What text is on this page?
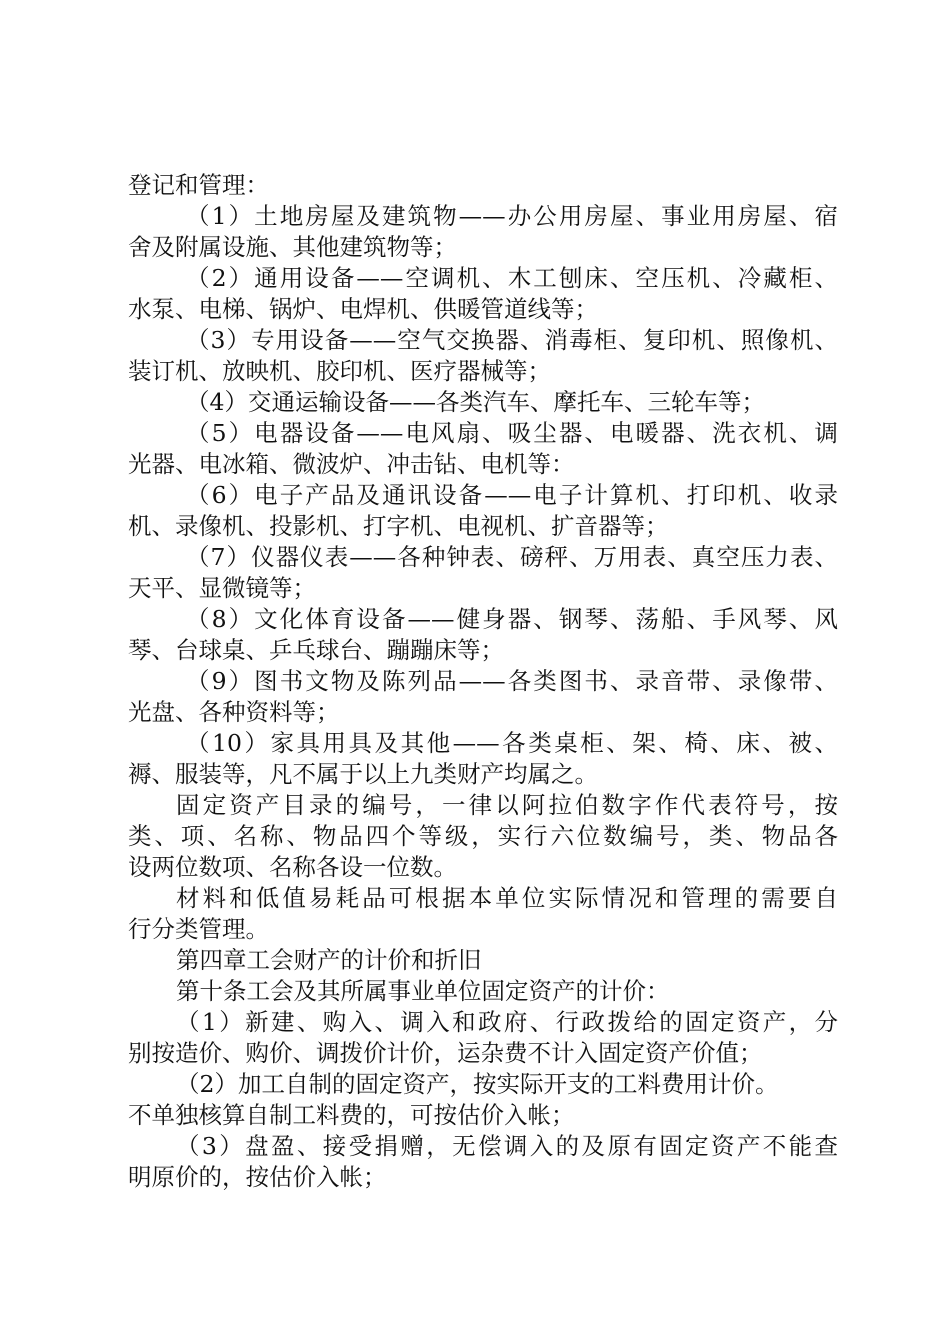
登记和管理：
（1）土地房屋及建筑物——办公用房屋、事业用房屋、宿
舍及附属设施、其他建筑物等；
（2）通用设备——空调机、木工刨床、空压机、冷藏柜、
水泵、电梯、锅炉、电焊机、供暖管道线等；
（3）专用设备——空气交换器、消毒柜、复印机、照像机、
装订机、放映机、胶印机、医疗器械等；
（4）交通运输设备——各类汽车、摩托车、三轮车等；
（5）电器设备——电风扇、吸尘器、电暖器、洗衣机、调
光器、电冰箱、微波炉、冲击钻、电机等：
（6）电子产品及通讯设备——电子计算机、打印机、收录
机、录像机、投影机、打字机、电视机、扩音器等；
（7）仪器仪表——各种钟表、磅秤、万用表、真空压力表、
天平、显微镜等；
（8）文化体育设备——健身器、钢琴、荡船、手风琴、风
琴、台球桌、乒乓球台、蹦蹦床等；
（9）图书文物及陈列品——各类图书、录音带、录像带、
光盘、各种资料等；
（10）家具用具及其他——各类桌柜、架、椅、床、被、
褥、服装等，凡不属于以上九类财产均属之。
固定资产目录的编号，一律以阿拉伯数字作代表符号，按
类、项、名称、物品四个等级，实行六位数编号，类、物品各
设两位数项、名称各设一位数。
材料和低值易耗品可根据本单位实际情况和管理的需要自
行分类管理。
第四章工会财产的计价和折旧
第十条工会及其所属事业单位固定资产的计价：
（1）新建、购入、调入和政府、行政拨给的固定资产，分
别按造价、购价、调拨价计价，运杂费不计入固定资产价值；
（2）加工自制的固定资产，按实际开支的工料费用计价。
不单独核算自制工料费的，可按估价入帐；
（3）盘盈、接受捐赠，无偿调入的及原有固定资产不能查
明原价的，按估价入帐；
